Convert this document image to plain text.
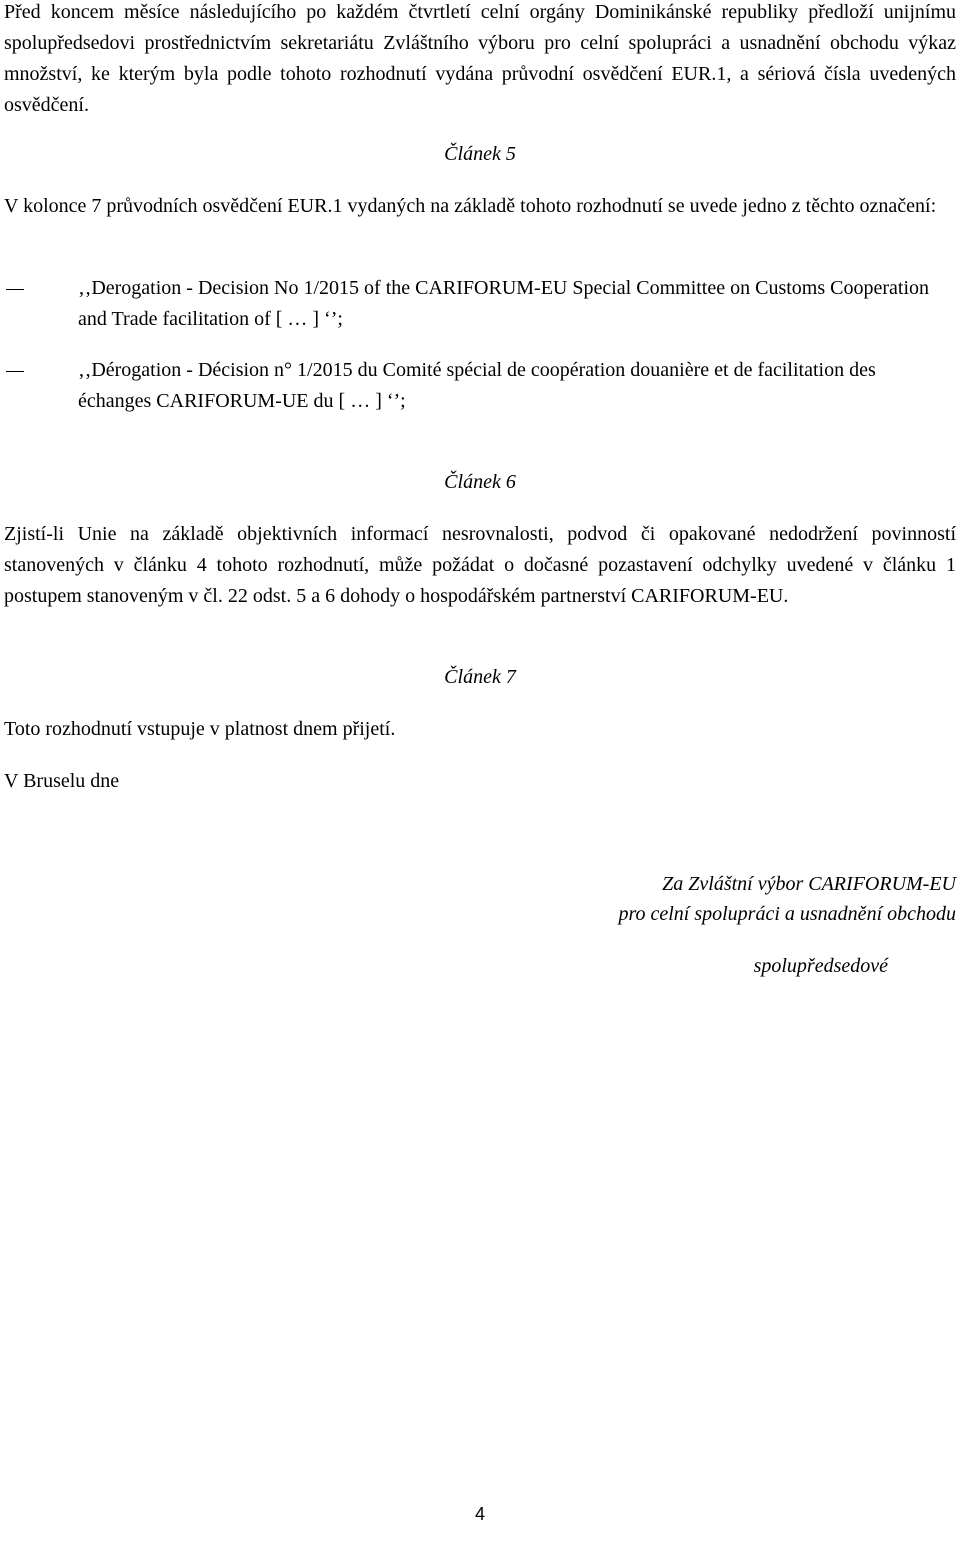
Před koncem měsíce následujícího po každém čtvrtletí celní orgány Dominikánské republiky předloží unijnímu spolupředsedovi prostřednictvím sekretariátu Zvláštního výboru pro celní spolupráci a usnadnění obchodu výkaz množství, ke kterým byla podle tohoto rozhodnutí vydána průvodní osvědčení EUR.1, a sériová čísla uvedených osvědčení.

Článek 5

V kolonce 7 průvodních osvědčení EUR.1 vydaných na základě tohoto rozhodnutí se uvede jedno z těchto označení:

‚‚Derogation - Decision No 1/2015 of the CARIFORUM-EU Special Committee on Customs Cooperation and Trade facilitation of [ … ] ‘’;

‚‚Dérogation - Décision n° 1/2015 du Comité spécial de coopération douanière et de facilitation des échanges CARIFORUM-UE du [ … ] ‘’;

Článek 6

Zjistí-li Unie na základě objektivních informací nesrovnalosti, podvod či opakované nedodržení povinností stanovených v článku 4 tohoto rozhodnutí, může požádat o dočasné pozastavení odchylky uvedené v článku 1 postupem stanoveným v čl. 22 odst. 5 a 6 dohody o hospodářském partnerství CARIFORUM-EU.

Článek 7

Toto rozhodnutí vstupuje v platnost dnem přijetí.

V Bruselu dne

Za Zvláštní výbor CARIFORUM-EU

pro celní spolupráci a usnadnění obchodu

spolupředsedové

4
